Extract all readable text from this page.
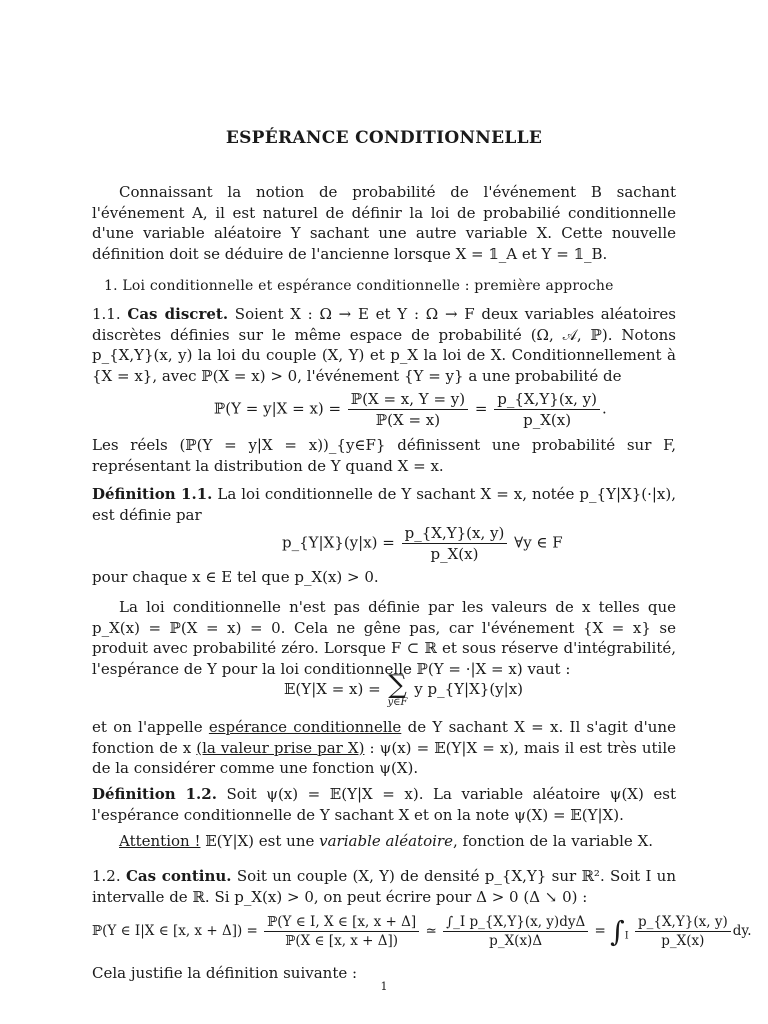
ESPÉRANCE CONDITIONNELLE
Connaissant la notion de probabilité de l'événement B sachant l'événement A, il est naturel de définir la loi de probabilié conditionnelle d'une variable aléatoire Y sachant une autre variable X. Cette nouvelle définition doit se déduire de l'ancienne lorsque X = 𝟙_A et Y = 𝟙_B.
1. Loi conditionnelle et espérance conditionnelle : première approche
1.1. Cas discret. Soient X : Ω → E et Y : Ω → F deux variables aléatoires discrètes définies sur le même espace de probabilité (Ω, 𝒜, ℙ). Notons p_{X,Y}(x, y) la loi du couple (X, Y) et p_X la loi de X. Conditionnellement à {X = x}, avec ℙ(X = x) > 0, l'événement {Y = y} a une probabilité de
ℙ(Y = $y|X = x) = \frac{\text{ℙ(X = x, Y = y)}}{\text{ℙ(X = x)}} = \frac{p\_\{X,Y\}(x, y)}{p\_X(x)}$ .
Les réels (ℙ(Y = y|X = x))_{y∈F} définissent une probabilité sur F, représentant la distribution de Y quand X = x.
Définition 1.1. La loi conditionnelle de Y sachant X = x, notée p_{Y|X}(·|x), est définie par
p_{Y|X}(y|x) = $\frac{p\_\{X,Y\}(x, y)}{p\_X(x)}$ ∀y ∈ F
pour chaque x ∈ E tel que p_X(x) > 0.
La loi conditionnelle n'est pas définie par les valeurs de x telles que p_X(x) = ℙ(X = x) = 0. Cela ne gêne pas, car l'événement {X = x} se produit avec probabilité zéro. Lorsque F ⊂ ℝ et sous réserve d'intégrabilité, l'espérance de Y pour la loi conditionnelle ℙ(Y = ·|X = x) vaut :
𝔼(Y|X = x) = ∑
y∈F
y p_{Y|X}(y|x)
et on l'appelle espérance conditionnelle de Y sachant X = x. Il s'agit d'une fonction de x (la valeur prise par X) : ψ(x) = 𝔼(Y|X = x), mais il est très utile de la considérer comme une fonction ψ(X).
Définition 1.2. Soit ψ(x) = 𝔼(Y|X = x). La variable aléatoire ψ(X) est l'espérance conditionnelle de Y sachant X et on la note ψ(X) = 𝔼(Y|X).
Attention ! 𝔼(Y|X) est une variable aléatoire, fonction de la variable X.
1.2. Cas continu. Soit un couple (X, Y) de densité p_{X,Y} sur ℝ². Soit I un intervalle de ℝ. Si p_X(x) > 0, on peut écrire pour Δ > 0 (Δ ↘ 0) :
ℙ(Y ∈ I|X ∈ [x, $x + \Delta]) = \frac{\text{ℙ(Y ∈ I, X ∈ [x, x + Δ]}}{\text{ℙ(X ∈ [x, x + Δ])}}$ ≃ $\frac{\text{∫\_I p\_\{X,Y\}(x, y)dyΔ}}{p\_X(x)\Delta} = \int_I \frac{p\_\{X,Y\}(x, y)}{p\_X(x)}$ dy.
Cela justifie la définition suivante :
1
